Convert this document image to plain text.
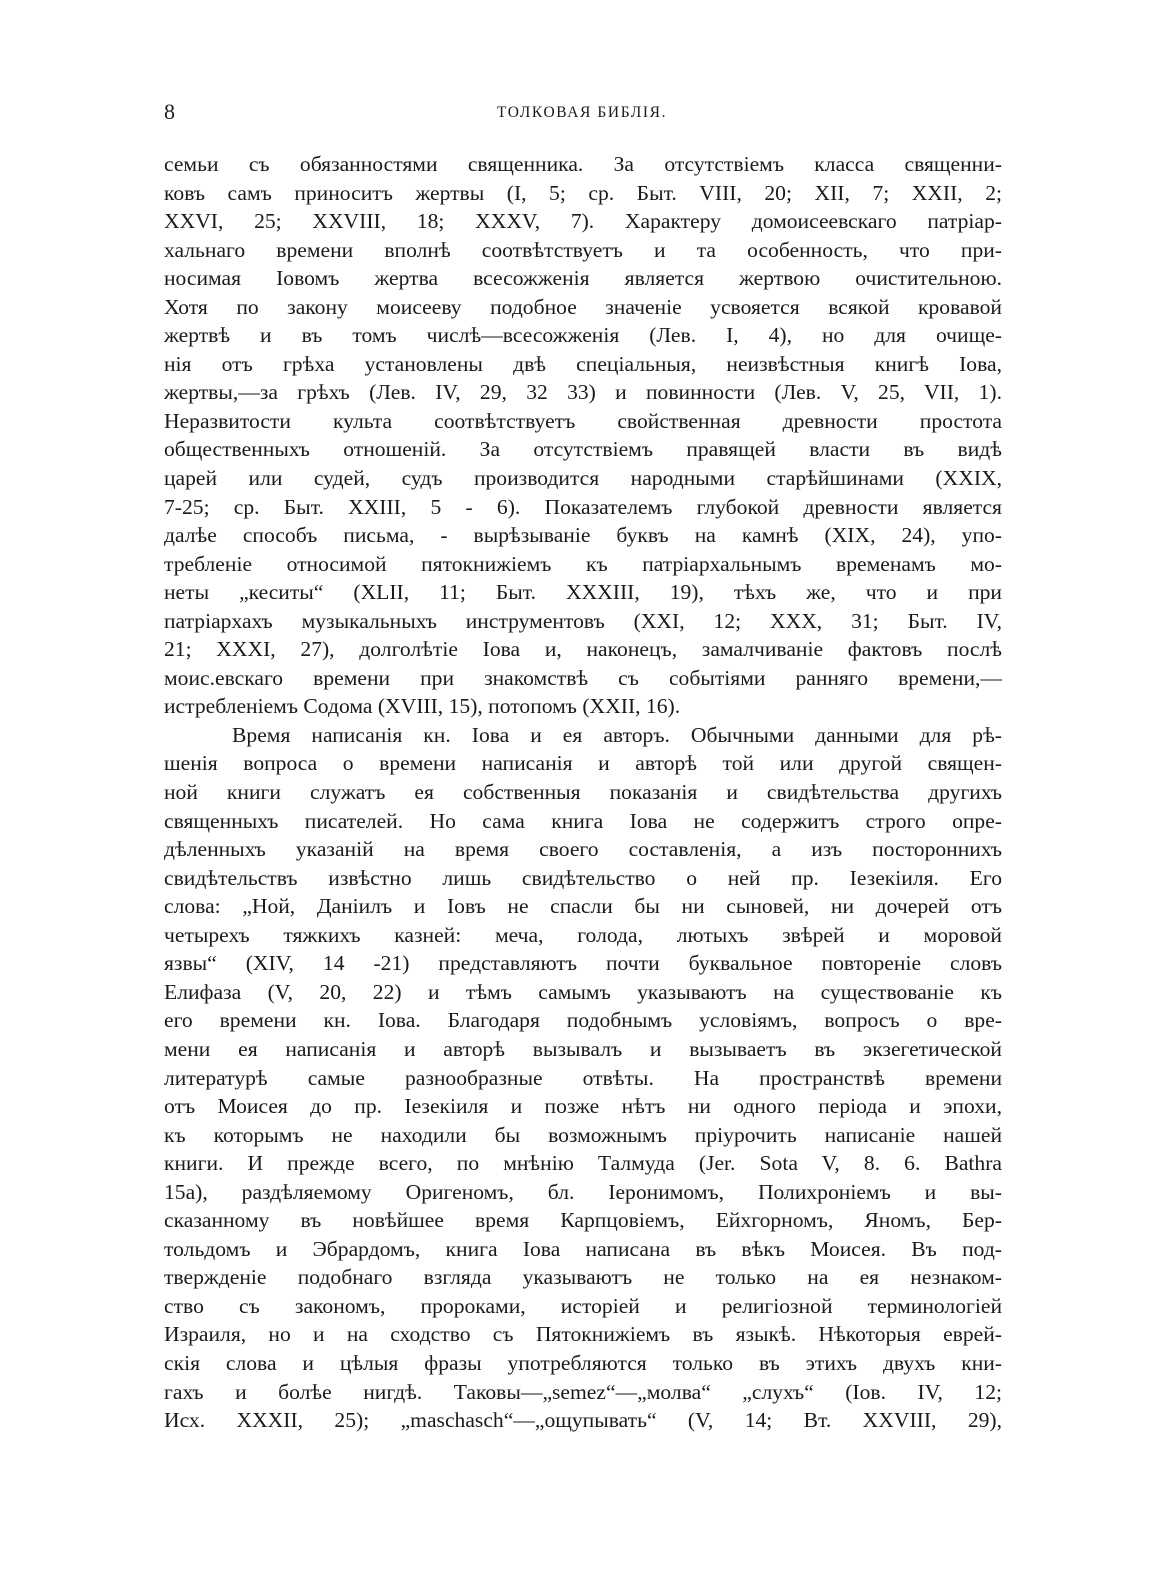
8	ТОЛКОВАЯ БИБЛІЯ.

семьи съ обязанностями священника. За отсутствіемъ класса священни-

ковъ самъ приноситъ жертвы (I, 5; ср. Быт. VIII, 20; XII, 7; XXII, 2;

XXVI, 25; XXVIII, 18; XXXV, 7). Характеру домоисеевскаго патріар-

хальнаго времени вполнѣ соотвѣтствуетъ и та особенность, что при-

носимая Іовомъ жертва всесожженія является жертвою очистительною.

Хотя по закону моисееву подобное значеніе усвояется всякой кровавой

жертвѣ и въ томъ числѣ—всесожженія (Лев. I, 4), но для очище-

нія отъ грѣха установлены двѣ спеціальныя, неизвѣстныя книгѣ Іова,

жертвы,—за грѣхъ (Лев. IV, 29, 32 33) и повинности (Лев. V, 25, VII, 1).

Неразвитости культа соотвѣтствуетъ свойственная древности простота

общественныхъ отношеній. За отсутствіемъ правящей власти въ видѣ

царей или судей, судъ производится народными старѣйшинами (XXIX,

7-25; ср. Быт. XXIII, 5 - 6). Показателемъ глубокой древности является

далѣе способъ письма, - вырѣзываніе буквъ на камнѣ (XIX, 24), упо-

требленіе относимой пятокнижіемъ къ патріархальнымъ временамъ мо-

неты „кеситы“ (XLII, 11; Быт. XXXIII, 19), тѣхъ же, что и при

патріархахъ музыкальныхъ инструментовъ (XXI, 12; XXX, 31; Быт. IV,

21; XXXI, 27), долголѣтіе Іова и, наконецъ, замалчиваніе фактовъ послѣ

моис.евскаго времени при знакомствѣ съ событіями ранняго времени,—

истребленіемъ Содома (XVIII, 15), потопомъ (XXII, 16).

Время написанія кн. Іова и ея авторъ. Обычными данными для рѣ-

шенія вопроса о времени написанія и авторѣ той или другой священ-

ной книги служатъ ея собственныя показанія и свидѣтельства другихъ

священныхъ писателей. Но сама книга Іова не содержитъ строго опре-

дѣленныхъ указаній на время своего составленія, а изъ постороннихъ

свидѣтельствъ извѣстно лишь свидѣтельство о ней пр. Іезекіиля. Его

слова: „Ной, Даніилъ и Іовъ не спасли бы ни сыновей, ни дочерей отъ

четырехъ тяжкихъ казней: меча, голода, лютыхъ звѣрей и моровой

язвы“ (XIV, 14 -21) представляютъ почти буквальное повтореніе словъ

Елифаза (V, 20, 22) и тѣмъ самымъ указываютъ на существованіе къ

его времени кн. Іова. Благодаря подобнымъ условіямъ, вопросъ о вре-

мени ея написанія и авторѣ вызывалъ и вызываетъ въ экзегетической

литературѣ самые разнообразные отвѣты. На пространствѣ времени

отъ Моисея до пр. Іезекіиля и позже нѣтъ ни одного періода и эпохи,

къ которымъ не находили бы возможнымъ пріурочить написаніе нашей

книги. И прежде всего, по мнѣнію Талмуда (Jer. Sota V, 8. 6. Bathra

15a), раздѣляемому Оригеномъ, бл. Іеронимомъ, Полихроніемъ и вы-

сказанному въ новѣйшее время Карпцовіемъ, Ейхгорномъ, Яномъ, Бер-

тольдомъ и Эбрардомъ, книга Іова написана въ вѣкъ Моисея. Въ под-

твержденіе подобнаго взгляда указываютъ не только на ея незнаком-

ство съ закономъ, пророками, исторіей и религіозной терминологіей

Израиля, но и на сходство съ Пятокнижіемъ въ языкѣ. Нѣкоторыя еврей-

скія слова и цѣлыя фразы употребляются только въ этихъ двухъ кни-

гахъ и болѣе нигдѣ. Таковы—„semez“—„молва“ „слухъ“ (Іов. IV, 12;

Исх. XXXII, 25); „maschasch“—„ощупывать“ (V, 14; Вт. XXVIII, 29),
